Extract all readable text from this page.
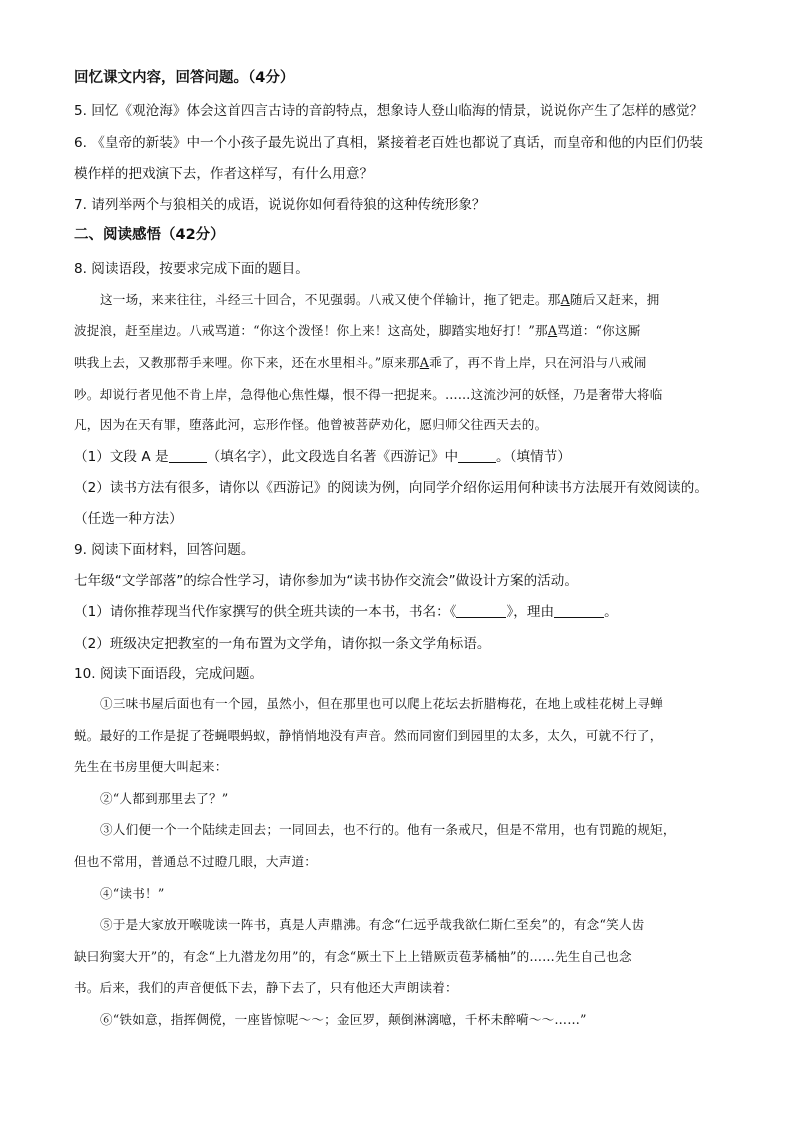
回忆课文内容，回答问题。（4分）
5. 回忆《观沧海》体会这首四言古诗的音韵特点，想象诗人登山临海的情景，说说你产生了怎样的感觉？
6. 《皇帝的新装》中一个小孩子最先说出了真相，紧接着老百姓也都说了真话，而皇帝和他的内臣们仍装
模作样的把戏演下去，作者这样写，有什么用意？
7. 请列举两个与狼相关的成语，说说你如何看待狼的这种传统形象？
二、阅读感悟（42分）
8. 阅读语段，按要求完成下面的题目。
这一场，来来往往，斗经三十回合，不见强弱。八戒又使个佯输计，拖了钯走。那A随后又赶来，拥
波捉浪，赶至崖边。八戒骂道：“你这个泼怪！你上来！这高处，脚踏实地好打！”那A骂道：“你这厮
哄我上去，又教那帮手来哩。你下来，还在水里相斗。”原来那A乖了，再不肯上岸，只在河沿与八戒闹
吵。却说行者见他不肯上岸，急得他心焦性爆，恨不得一把捉来。……这流沙河的妖怪，乃是奢带大将临
凡，因为在天有罪，堕落此河，忘形作怪。他曾被菩萨劝化，愿归师父往西天去的。
（1）文段 A 是	（填名字），此文段选自名著《西游记》中	。（填情节）
（2）读书方法有很多，请你以《西游记》的阅读为例，向同学介绍你运用何种读书方法展开有效阅读的。
（任选一种方法）
9. 阅读下面材料，回答问题。
七年级“文学部落”的综合性学习，请你参加为“读书协作交流会”做设计方案的活动。
（1）请你推荐现当代作家撰写的供全班共读的一本书，书名：《	》，理由	。
（2）班级决定把教室的一角布置为文学角，请你拟一条文学角标语。
10. 阅读下面语段，完成问题。
①三味书屋后面也有一个园，虽然小，但在那里也可以爬上花坛去折腊梅花，在地上或桂花树上寻蝉
蜕。最好的工作是捉了苍蝇喂蚂蚁，静悄悄地没有声音。然而同窗们到园里的太多，太久，可就不行了，
先生在书房里便大叫起来：
②“人都到那里去了？”
③人们便一个一个陆续走回去；一同回去，也不行的。他有一条戒尺，但是不常用，也有罚跪的规矩，
但也不常用，普通总不过瞪几眼，大声道：
④“读书！”
⑤于是大家放开喉咙读一阵书，真是人声鼎沸。有念“仁远乎哉我欲仁斯仁至矣”的，有念“笑人齿
缺曰狗窦大开”的，有念“上九潜龙勿用”的，有念“厥土下上上错厥贡苞茅橘柚”的……先生自己也念
书。后来，我们的声音便低下去，静下去了，只有他还大声朗读着：
⑥“铁如意，指挥倜傥，一座皆惊呢～～；金叵罗，颠倒淋漓噫，千杯未醉嗬～～……”
